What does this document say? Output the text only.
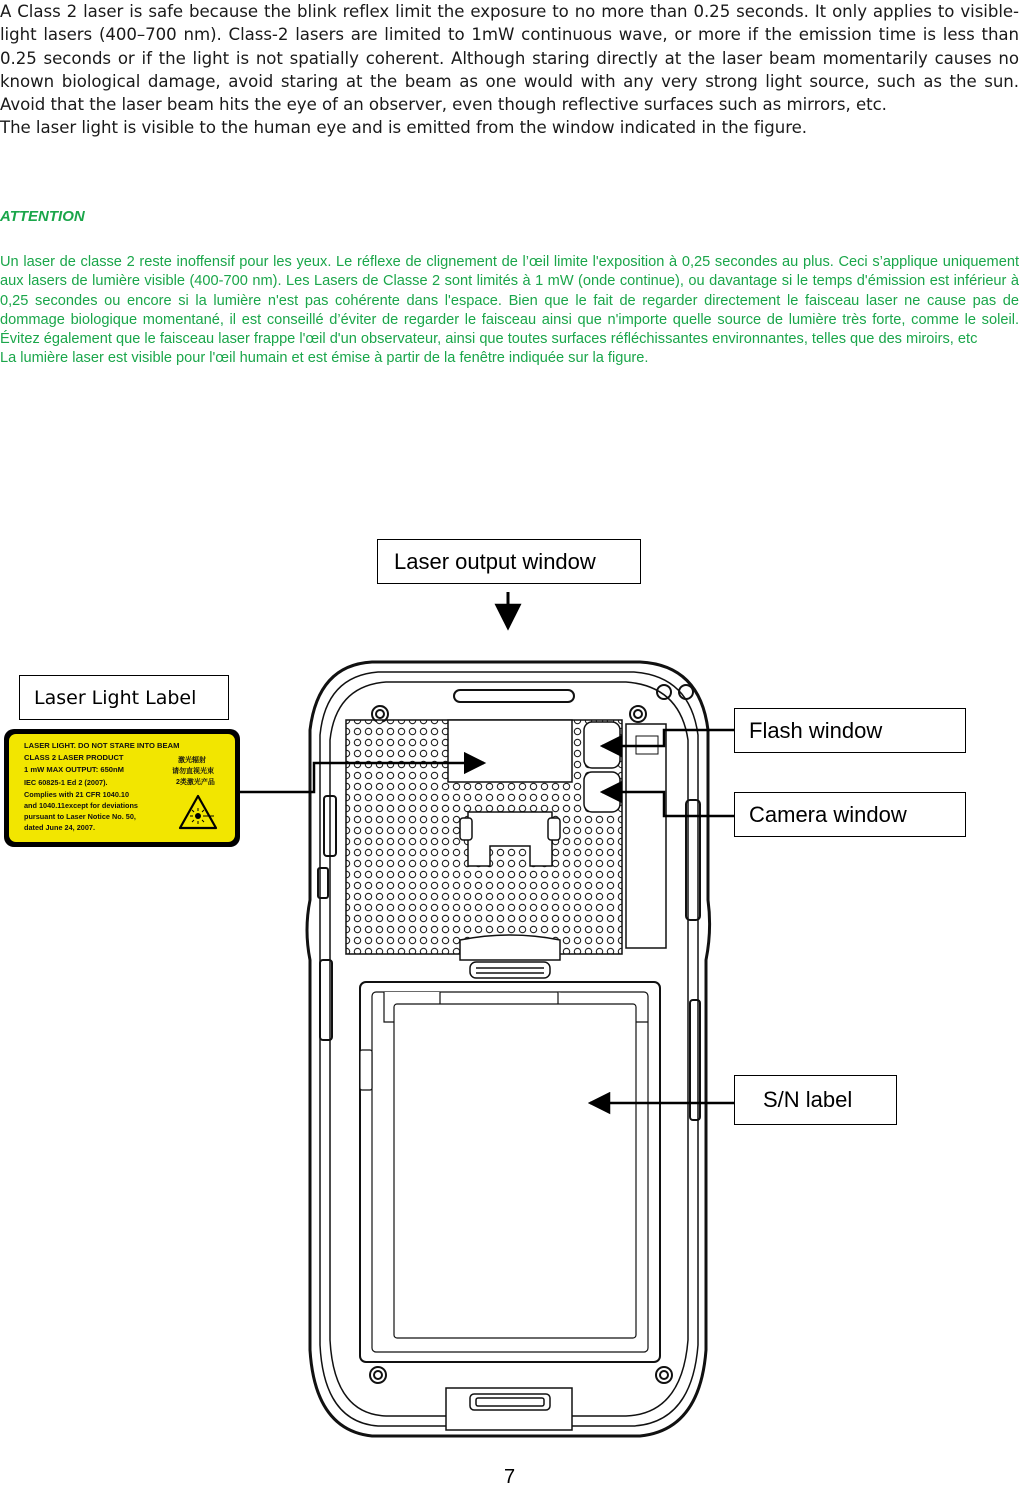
A Class 2 laser is safe because the blink reflex limit the exposure to no more than 0.25 seconds. It only applies to visible-light lasers (400–700 nm). Class-2 lasers are limited to 1mW continuous wave, or more if the emission time is less than 0.25 seconds or if the light is not spatially coherent. Although staring directly at the laser beam momentarily causes no known biological damage, avoid staring at the beam as one would with any very strong light source, such as the sun. Avoid that the laser beam hits the eye of an observer, even though reflective surfaces such as mirrors, etc.

The laser light is visible to the human eye and is emitted from the window indicated in the figure.

ATTENTION

Un laser de classe 2 reste inoffensif pour les yeux. Le réflexe de clignement de l’œil limite l'exposition à 0,25 secondes au plus. Ceci s’applique uniquement aux lasers de lumière visible (400-700 nm). Les Lasers de Classe 2 sont limités à 1 mW (onde continue), ou davantage si le temps d'émission est inférieur à 0,25 secondes ou encore si la lumière n'est pas cohérente dans l'espace. Bien que le fait de regarder directement le faisceau laser ne cause pas de dommage biologique momentané, il est conseillé d’éviter de regarder le faisceau ainsi que n'importe quelle source de lumière très forte, comme le soleil. Évitez également que le faisceau laser frappe l'œil d'un observateur, ainsi que toutes surfaces réfléchissantes environnantes, telles que des miroirs, etc

La lumière laser est visible pour l'œil humain et est émise à partir de la fenêtre indiquée sur la figure.

LASER LIGHT. DO NOT STARE INTO BEAM
CLASS 2 LASER PRODUCT
1 mW MAX OUTPUT: 650nM
IEC 60825-1 Ed 2 (2007).
Complies with 21 CFR 1040.10
and 1040.11except for deviations
pursuant to Laser Notice No. 50,
dated June 24, 2007.
激光辐射
请勿直视光束
2类激光产品
Laser output window
Laser Light Label
Flash window
Camera window
S/N label
7
